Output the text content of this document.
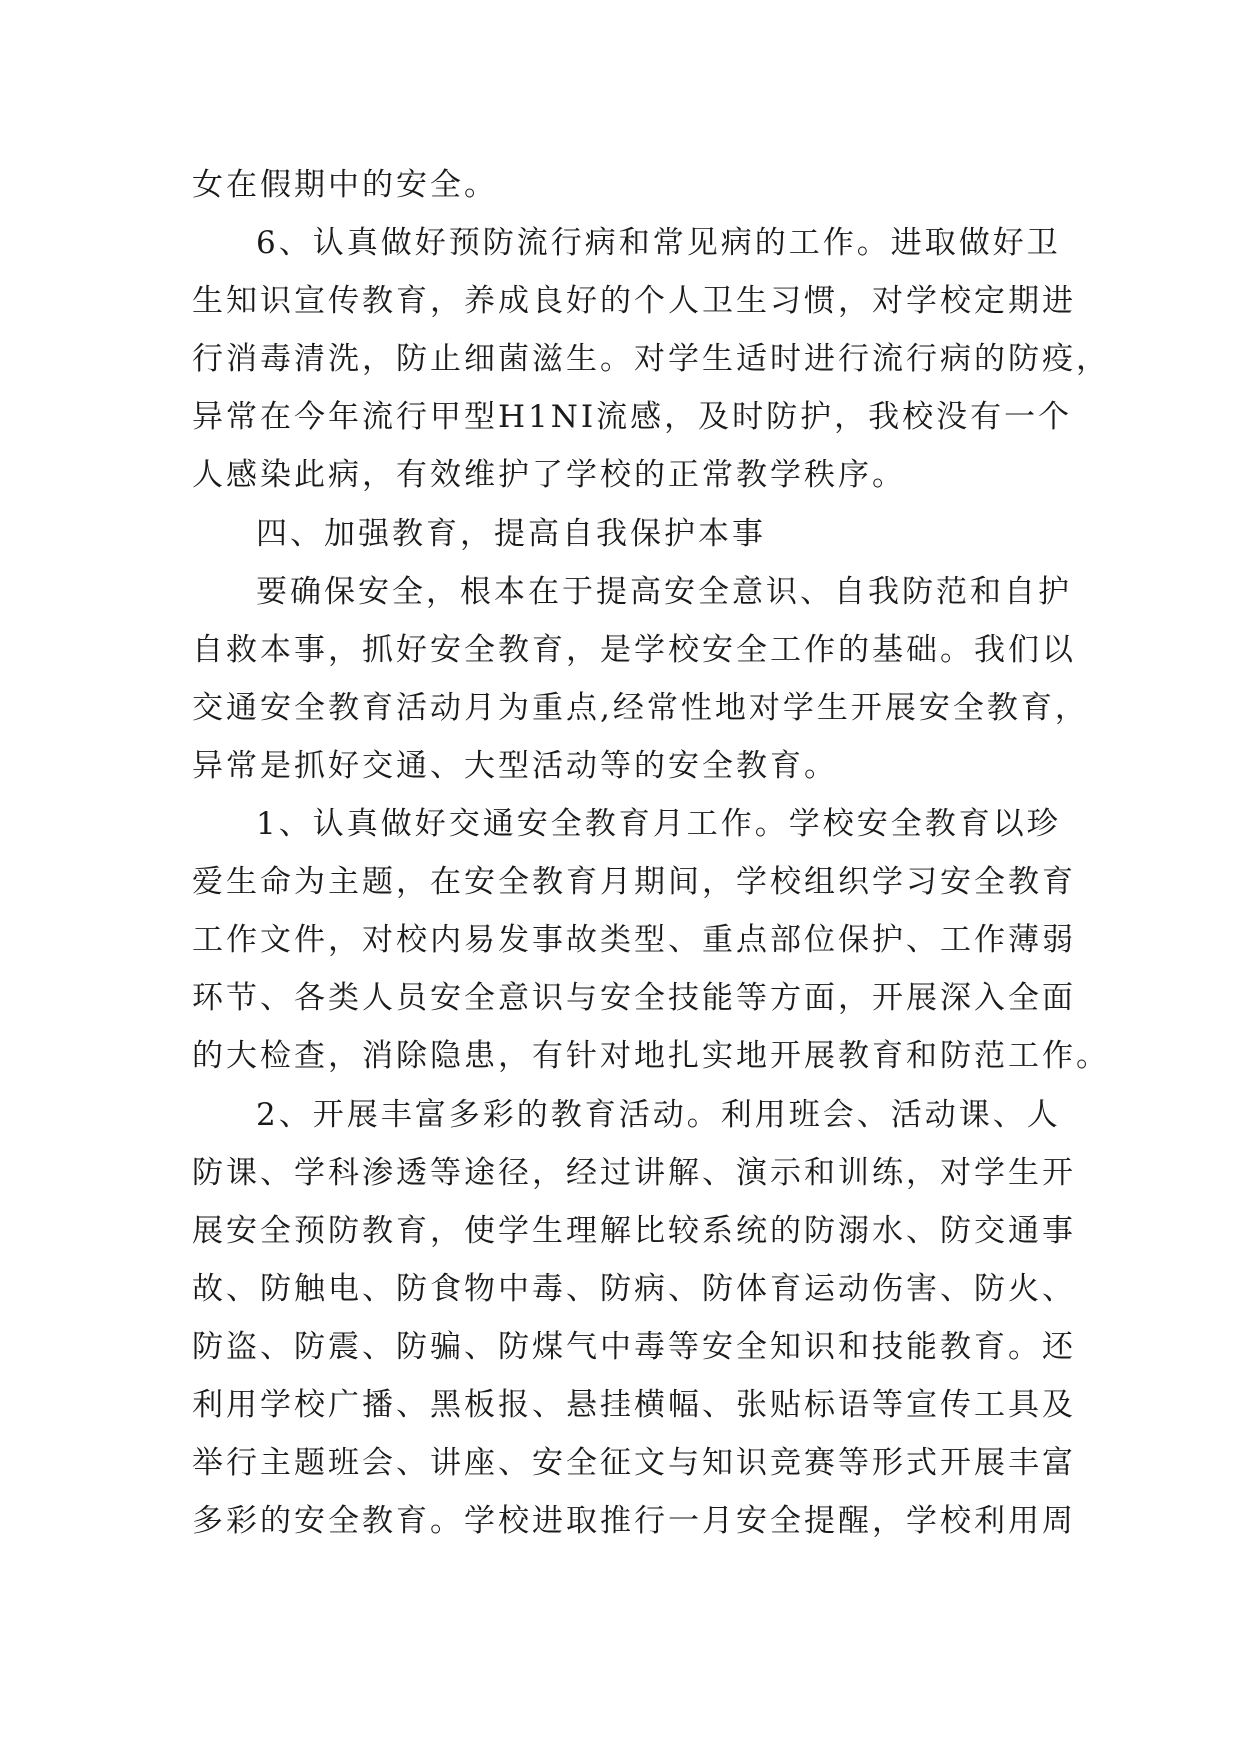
女在假期中的安全。
6、认真做好预防流行病和常见病的工作。进取做好卫
生知识宣传教育，养成良好的个人卫生习惯，对学校定期进
行消毒清洗，防止细菌滋生。对学生适时进行流行病的防疫，
异常在今年流行甲型H1NI流感，及时防护，我校没有一个
人感染此病，有效维护了学校的正常教学秩序。
四、加强教育，提高自我保护本事
要确保安全，根本在于提高安全意识、自我防范和自护
自救本事，抓好安全教育，是学校安全工作的基础。我们以
交通安全教育活动月为重点,经常性地对学生开展安全教育，
异常是抓好交通、大型活动等的安全教育。
1、认真做好交通安全教育月工作。学校安全教育以珍
爱生命为主题，在安全教育月期间，学校组织学习安全教育
工作文件，对校内易发事故类型、重点部位保护、工作薄弱
环节、各类人员安全意识与安全技能等方面，开展深入全面
的大检查，消除隐患，有针对地扎实地开展教育和防范工作。
2、开展丰富多彩的教育活动。利用班会、活动课、人
防课、学科渗透等途径，经过讲解、演示和训练，对学生开
展安全预防教育，使学生理解比较系统的防溺水、防交通事
故、防触电、防食物中毒、防病、防体育运动伤害、防火、
防盗、防震、防骗、防煤气中毒等安全知识和技能教育。还
利用学校广播、黑板报、悬挂横幅、张贴标语等宣传工具及
举行主题班会、讲座、安全征文与知识竞赛等形式开展丰富
多彩的安全教育。学校进取推行一月安全提醒，学校利用周
